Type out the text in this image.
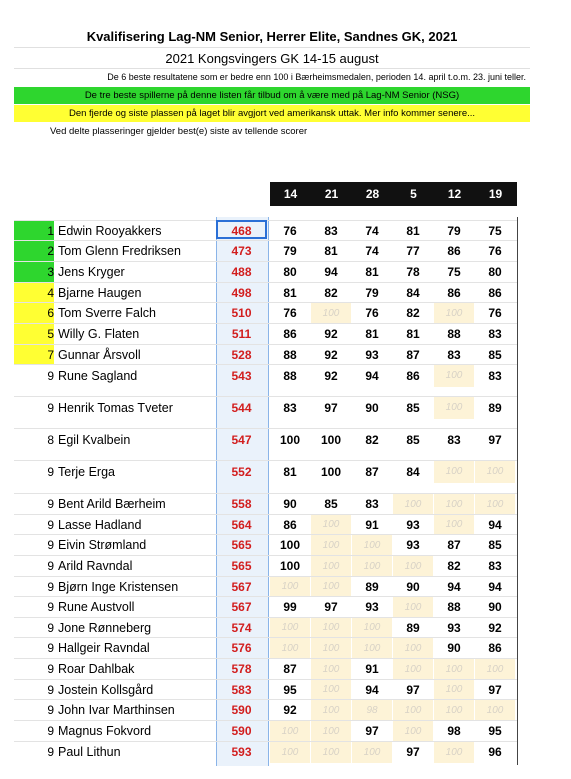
Kvalifisering Lag-NM Senior, Herrer Elite, Sandnes GK, 2021
2021 Kongsvingers GK 14-15 august
De 6 beste resultatene som er bedre enn 100 i Bærheimsmedalen, perioden 14. april t.o.m. 23. juni teller.
De tre beste spillerne på denne listen får tilbud om å være med på Lag-NM Senior (NSG)
Den fjerde og siste plassen på laget blir avgjort ved amerikansk uttak. Mer info kommer senere...
Ved delte plasseringer gjelder best(e) siste av tellende scorer
14	21	28	5	12	19
1 Edwin Rooyakkers	468	76	83	74	81	79	75
2 Tom Glenn Fredriksen	473	79	81	74	77	86	76
3 Jens Kryger	488	80	94	81	78	75	80
4 Bjarne Haugen	498	81	82	79	84	86	86
6 Tom Sverre Falch	510	76	100	76	82	100	76
5 Willy G. Flaten	511	86	92	81	81	88	83
7 Gunnar Årsvoll	528	88	92	93	87	83	85
9 Rune Sagland	543	88	92	94	86	100	83
9 Henrik Tomas Tveter	544	83	97	90	85	100	89
8 Egil Kvalbein	547	100	100	82	85	83	97
9 Terje Erga	552	81	100	87	84	100	100
9 Bent Arild Bærheim	558	90	85	83	100	100	100
9 Lasse Hadland	564	86	100	91	93	100	94
9 Eivin Strømland	565	100	100	100	93	87	85
9 Arild Ravndal	565	100	100	100	100	82	83
9 Bjørn Inge Kristensen	567	100	100	89	90	94	94
9 Rune Austvoll	567	99	97	93	100	88	90
9 Jone Rønneberg	574	100	100	100	89	93	92
9 Hallgeir Ravndal	576	100	100	100	100	90	86
9 Roar Dahlbak	578	87	100	91	100	100	100
9 Jostein Kollsgård	583	95	100	94	97	100	97
9 John Ivar Marthinsen	590	92	100	98	100	100	100
9 Magnus Fokvord	590	100	100	97	100	98	95
9 Paul Lithun	593	100	100	100	97	100	96
